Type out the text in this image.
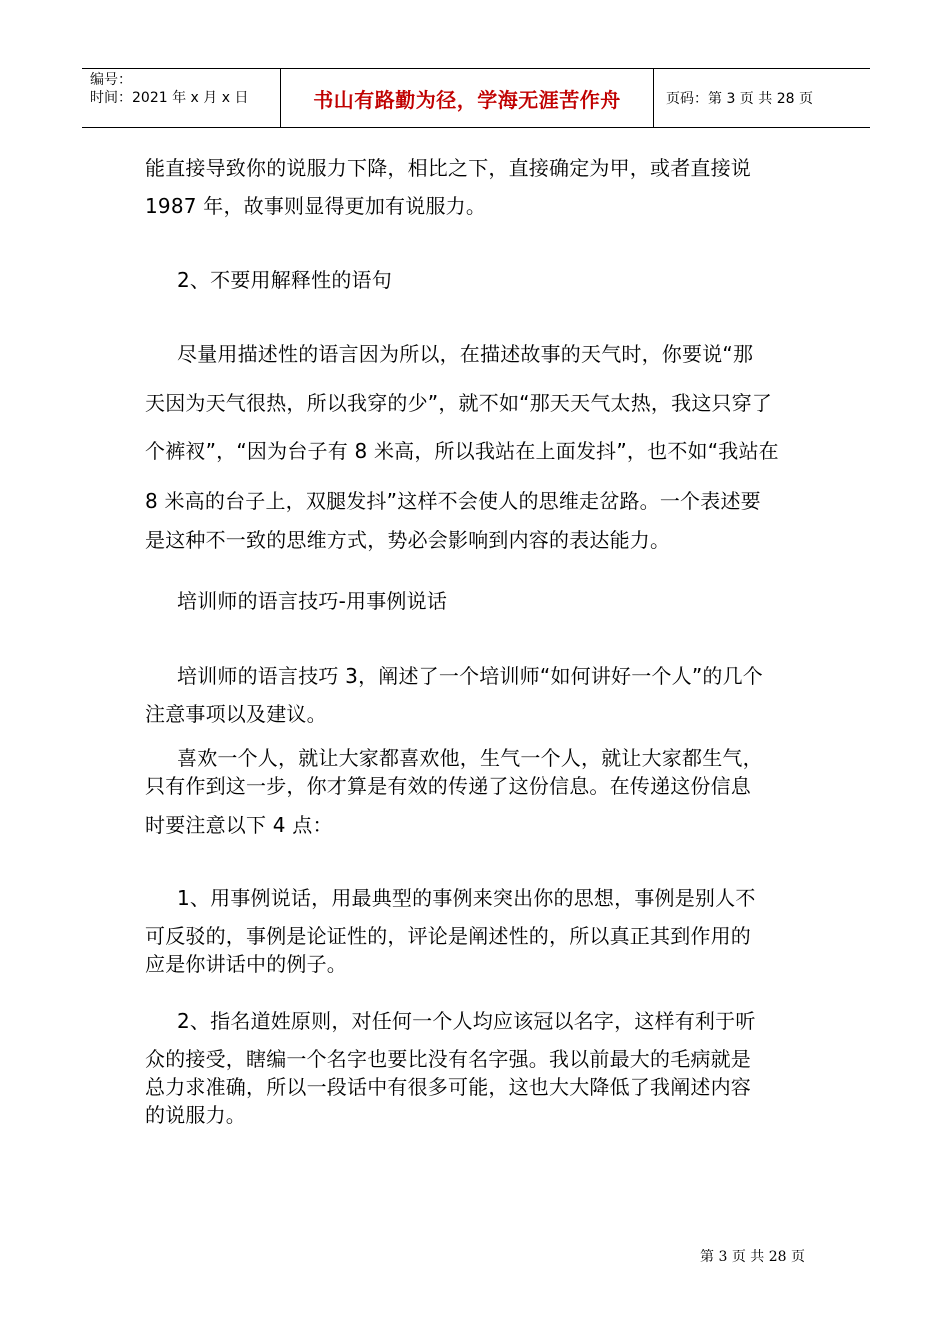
编号：
时间：2021 年 x 月 x 日	书山有路勤为径，学海无涯苦作舟	页码：第 3 页 共 28 页
能直接导致你的说服力下降，相比之下，直接确定为甲，或者直接说
1987 年，故事则显得更加有说服力。
2、不要用解释性的语句
尽量用描述性的语言因为所以，在描述故事的天气时，你要说“那
天因为天气很热，所以我穿的少”，就不如“那天天气太热，我这只穿了
个裤衩”，“因为台子有 8 米高，所以我站在上面发抖”，也不如“我站在
8 米高的台子上，双腿发抖”这样不会使人的思维走岔路。一个表述要
是这种不一致的思维方式，势必会影响到内容的表达能力。
培训师的语言技巧-用事例说话
培训师的语言技巧 3，阐述了一个培训师“如何讲好一个人”的几个
注意事项以及建议。
喜欢一个人，就让大家都喜欢他，生气一个人，就让大家都生气，
只有作到这一步，你才算是有效的传递了这份信息。在传递这份信息
时要注意以下 4 点：
1、用事例说话，用最典型的事例来突出你的思想，事例是别人不
可反驳的，事例是论证性的，评论是阐述性的，所以真正其到作用的
应是你讲话中的例子。
2、指名道姓原则，对任何一个人均应该冠以名字，这样有利于听
众的接受，瞎编一个名字也要比没有名字强。我以前最大的毛病就是
总力求准确，所以一段话中有很多可能，这也大大降低了我阐述内容
的说服力。
第 3 页 共 28 页
